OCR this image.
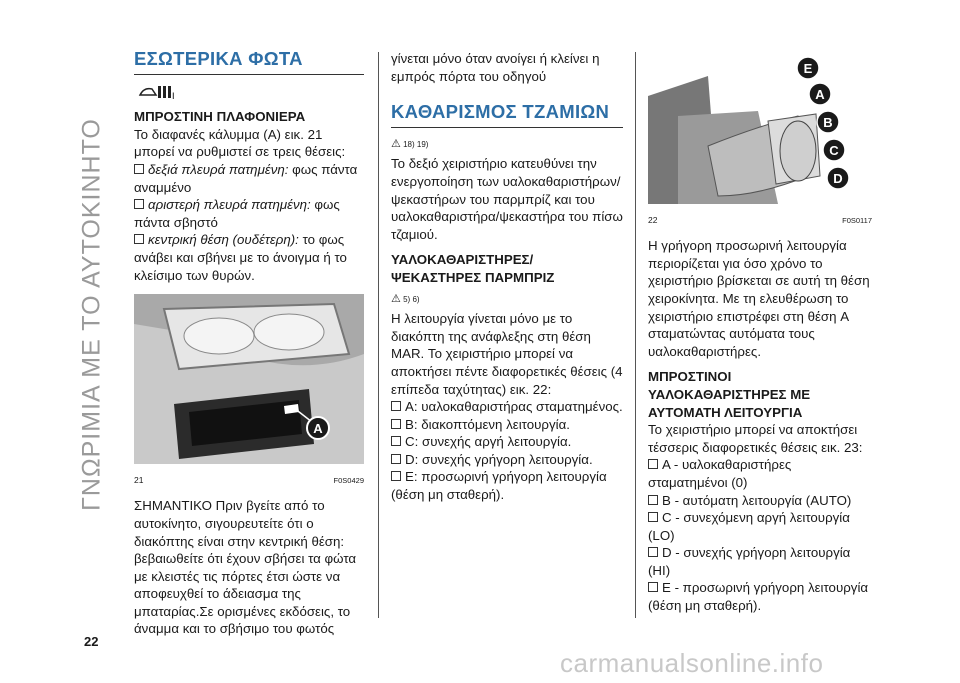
ΓΝΩΡΙΜΙΑ ΜΕ ΤΟ ΑΥΤΟΚΙΝΗΤΟ
22
ΕΣΩΤΕΡΙΚΑ ΦΩΤΑ
I
ΜΠΡΟΣΤΙΝΗ ΠΛΑΦΟΝΙΕΡΑ

Το διαφανές κάλυμμα (A) εικ. 21 μπορεί να ρυθμιστεί σε τρεις θέσεις:

δεξιά πλευρά πατημένη: φως πάντα αναμμένο

αριστερή πλευρά πατημένη: φως πάντα σβηστό

κεντρική θέση (ουδέτερη): το φως ανάβει και σβήνει με το άνοιγμα ή το κλείσιμο των θυρών.

A
21	F0S0429

ΣΗΜΑΝΤΙΚΟ Πριν βγείτε από το αυτοκίνητο, σιγουρευτείτε ότι ο διακόπτης είναι στην κεντρική θέση: βεβαιωθείτε ότι έχουν σβήσει τα φώτα με κλειστές τις πόρτες έτσι ώστε να αποφευχθεί το άδειασμα της μπαταρίας.Σε ορισμένες εκδόσεις, το άναμμα και το σβήσιμο του φωτός

γίνεται μόνο όταν ανοίγει ή κλείνει η εμπρός πόρτα του οδηγού

ΚΑΘΑΡΙΣΜΟΣ ΤΖΑΜΙΩΝ
⚠ 18) 19)

Το δεξιό χειριστήριο κατευθύνει την ενεργοποίηση των υαλοκαθαριστήρων/ψεκαστήρων του παρμπρίζ και του υαλοκαθαριστήρα/ψεκαστήρα του πίσω τζαμιού.

ΥΑΛΟΚΑΘΑΡΙΣΤΗΡΕΣ/ ΨΕΚΑΣΤΗΡΕΣ ΠΑΡΜΠΡΙΖ
⚠ 5) 6)

Η λειτουργία γίνεται μόνο με το διακόπτη της ανάφλεξης στη θέση MAR. Το χειριστήριο μπορεί να αποκτήσει πέντε διαφορετικές θέσεις (4 επίπεδα ταχύτητας) εικ. 22:

A: υαλοκαθαριστήρας σταματημένος.

B: διακοπτόμενη λειτουργία.

C: συνεχής αργή λειτουργία.

D: συνεχής γρήγορη λειτουργία.

E: προσωρινή γρήγορη λειτουργία (θέση μη σταθερή).

E
A
B
C
D
22	F0S0117

Η γρήγορη προσωρινή λειτουργία περιορίζεται για όσο χρόνο το χειριστήριο βρίσκεται σε αυτή τη θέση χειροκίνητα. Με τη ελευθέρωση το χειριστήριο επιστρέφει στη θέση A σταματώντας αυτόματα τους υαλοκαθαριστήρες.

ΜΠΡΟΣΤΙΝΟΙ ΥΑΛΟΚΑΘΑΡΙΣΤΗΡΕΣ ΜΕ ΑΥΤΟΜΑΤΗ ΛΕΙΤΟΥΡΓΙΑ

Το χειριστήριο μπορεί να αποκτήσει τέσσερις διαφορετικές θέσεις εικ. 23:

A - υαλοκαθαριστήρες σταματημένοι (0)

B - αυτόματη λειτουργία (AUTO)

C - συνεχόμενη αργή λειτουργία (LO)

D - συνεχής γρήγορη λειτουργία (HI)

E - προσωρινή γρήγορη λειτουργία (θέση μη σταθερή).

carmanualsonline.info
